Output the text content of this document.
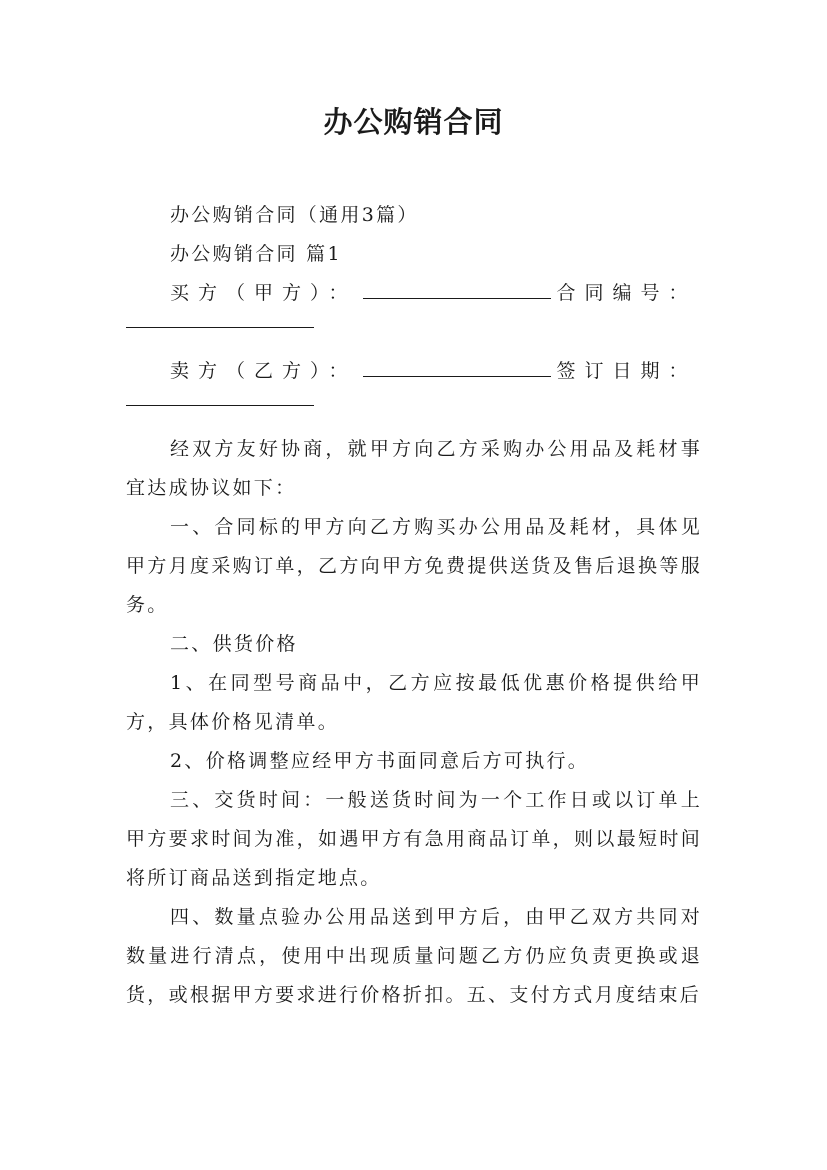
办公购销合同

办公购销合同（通用3篇）

办公购销合同 篇1

买方（甲方）：	合同编号：

卖方（乙方）：	签订日期：

经双方友好协商，就甲方向乙方采购办公用品及耗材事宜达成协议如下：

一、合同标的甲方向乙方购买办公用品及耗材，具体见甲方月度采购订单，乙方向甲方免费提供送货及售后退换等服务。

二、供货价格

1、在同型号商品中，乙方应按最低优惠价格提供给甲方，具体价格见清单。

2、价格调整应经甲方书面同意后方可执行。

三、交货时间：一般送货时间为一个工作日或以订单上甲方要求时间为准，如遇甲方有急用商品订单，则以最短时间将所订商品送到指定地点。

四、数量点验办公用品送到甲方后，由甲乙双方共同对数量进行清点，使用中出现质量问题乙方仍应负责更换或退货，或根据甲方要求进行价格折扣。五、支付方式月度结束后
